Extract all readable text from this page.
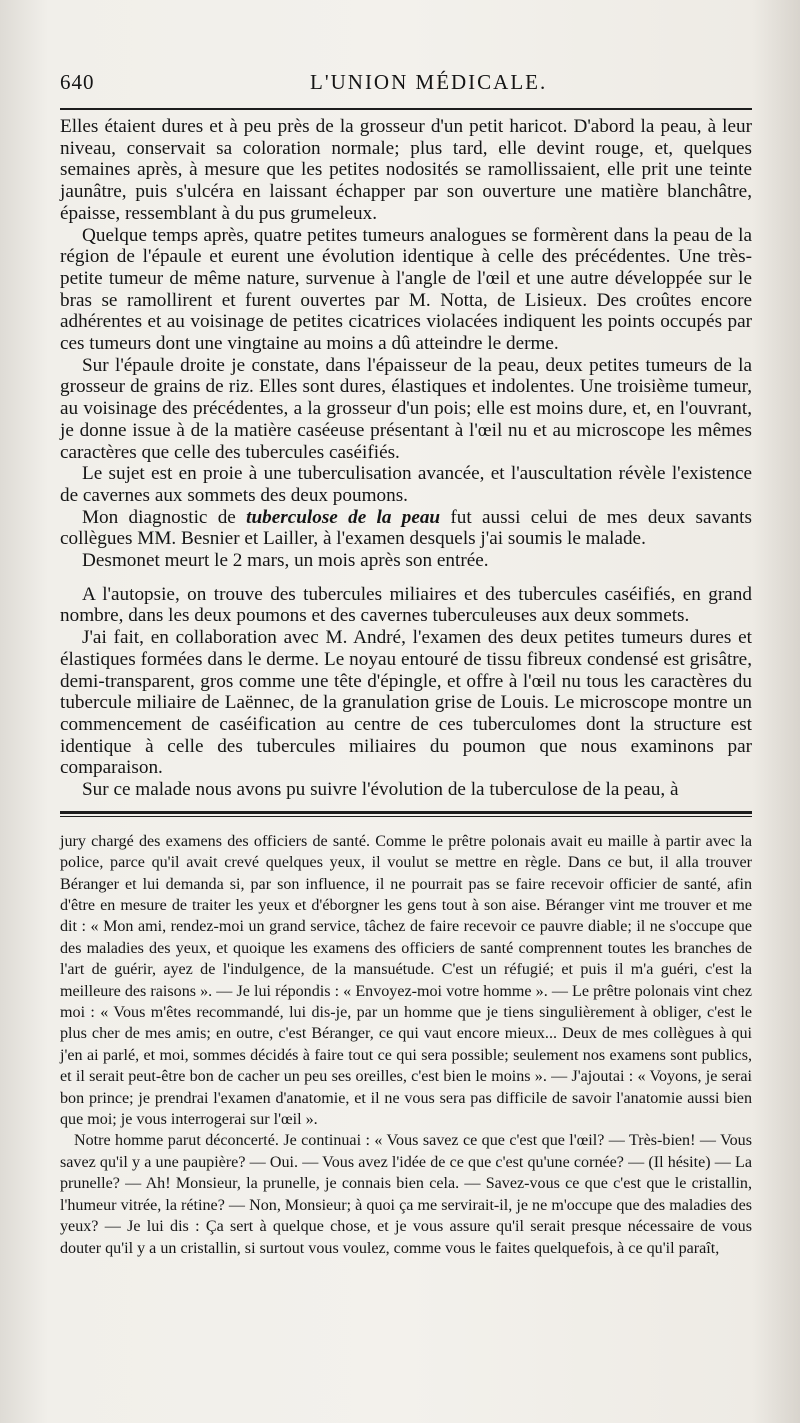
640	L'UNION MÉDICALE.

Elles étaient dures et à peu près de la grosseur d'un petit haricot. D'abord la peau, à leur niveau, conservait sa coloration normale; plus tard, elle devint rouge, et, quelques semaines après, à mesure que les petites nodosités se ramollissaient, elle prit une teinte jaunâtre, puis s'ulcéra en laissant échapper par son ouverture une matière blanchâtre, épaisse, ressemblant à du pus grumeleux.

Quelque temps après, quatre petites tumeurs analogues se formèrent dans la peau de la région de l'épaule et eurent une évolution identique à celle des précédentes. Une très-petite tumeur de même nature, survenue à l'angle de l'œil et une autre développée sur le bras se ramollirent et furent ouvertes par M. Notta, de Lisieux. Des croûtes encore adhérentes et au voisinage de petites cicatrices violacées indiquent les points occupés par ces tumeurs dont une vingtaine au moins a dû atteindre le derme.

Sur l'épaule droite je constate, dans l'épaisseur de la peau, deux petites tumeurs de la grosseur de grains de riz. Elles sont dures, élastiques et indolentes. Une troisième tumeur, au voisinage des précédentes, a la grosseur d'un pois; elle est moins dure, et, en l'ouvrant, je donne issue à de la matière caséeuse présentant à l'œil nu et au microscope les mêmes caractères que celle des tubercules caséifiés.

Le sujet est en proie à une tuberculisation avancée, et l'auscultation révèle l'existence de cavernes aux sommets des deux poumons.

Mon diagnostic de tuberculose de la peau fut aussi celui de mes deux savants collègues MM. Besnier et Lailler, à l'examen desquels j'ai soumis le malade.

Desmonet meurt le 2 mars, un mois après son entrée.

A l'autopsie, on trouve des tubercules miliaires et des tubercules caséifiés, en grand nombre, dans les deux poumons et des cavernes tuberculeuses aux deux sommets.

J'ai fait, en collaboration avec M. André, l'examen des deux petites tumeurs dures et élastiques formées dans le derme. Le noyau entouré de tissu fibreux condensé est grisâtre, demi-transparent, gros comme une tête d'épingle, et offre à l'œil nu tous les caractères du tubercule miliaire de Laënnec, de la granulation grise de Louis. Le microscope montre un commencement de caséification au centre de ces tuberculomes dont la structure est identique à celle des tubercules miliaires du poumon que nous examinons par comparaison.

Sur ce malade nous avons pu suivre l'évolution de la tuberculose de la peau, à

jury chargé des examens des officiers de santé. Comme le prêtre polonais avait eu maille à partir avec la police, parce qu'il avait crevé quelques yeux, il voulut se mettre en règle. Dans ce but, il alla trouver Béranger et lui demanda si, par son influence, il ne pourrait pas se faire recevoir officier de santé, afin d'être en mesure de traiter les yeux et d'éborgner les gens tout à son aise. Béranger vint me trouver et me dit : « Mon ami, rendez-moi un grand service, tâchez de faire recevoir ce pauvre diable; il ne s'occupe que des maladies des yeux, et quoique les examens des officiers de santé comprennent toutes les branches de l'art de guérir, ayez de l'indulgence, de la mansuétude. C'est un réfugié; et puis il m'a guéri, c'est la meilleure des raisons ». — Je lui répondis : « Envoyez-moi votre homme ». — Le prêtre polonais vint chez moi : « Vous m'êtes recommandé, lui dis-je, par un homme que je tiens singulièrement à obliger, c'est le plus cher de mes amis; en outre, c'est Béranger, ce qui vaut encore mieux... Deux de mes collègues à qui j'en ai parlé, et moi, sommes décidés à faire tout ce qui sera possible; seulement nos examens sont publics, et il serait peut-être bon de cacher un peu ses oreilles, c'est bien le moins ». — J'ajoutai : « Voyons, je serai bon prince; je prendrai l'examen d'anatomie, et il ne vous sera pas difficile de savoir l'anatomie aussi bien que moi; je vous interrogerai sur l'œil ».

Notre homme parut déconcerté. Je continuai : « Vous savez ce que c'est que l'œil? — Très-bien! — Vous savez qu'il y a une paupière? — Oui. — Vous avez l'idée de ce que c'est qu'une cornée? — (Il hésite) — La prunelle? — Ah! Monsieur, la prunelle, je connais bien cela. — Savez-vous ce que c'est que le cristallin, l'humeur vitrée, la rétine? — Non, Monsieur; à quoi ça me servirait-il, je ne m'occupe que des maladies des yeux? — Je lui dis : Ça sert à quelque chose, et je vous assure qu'il serait presque nécessaire de vous douter qu'il y a un cristallin, si surtout vous voulez, comme vous le faites quelquefois, à ce qu'il paraît,
